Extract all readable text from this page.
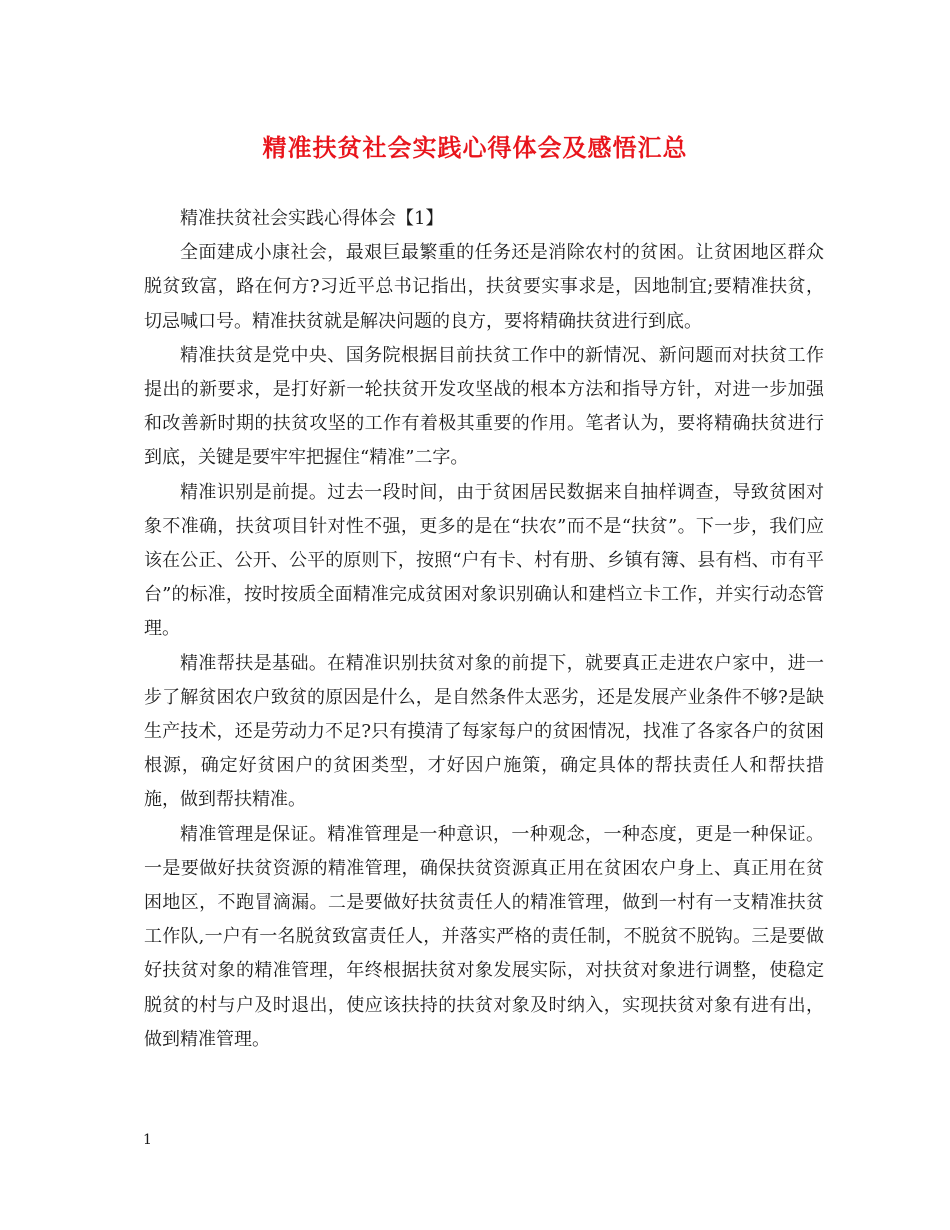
精准扶贫社会实践心得体会及感悟汇总

精准扶贫社会实践心得体会【1】

全面建成小康社会，最艰巨最繁重的任务还是消除农村的贫困。让贫困地区群众脱贫致富，路在何方?习近平总书记指出，扶贫要实事求是，因地制宜;要精准扶贫，切忌喊口号。精准扶贫就是解决问题的良方，要将精确扶贫进行到底。

精准扶贫是党中央、国务院根据目前扶贫工作中的新情况、新问题而对扶贫工作提出的新要求，是打好新一轮扶贫开发攻坚战的根本方法和指导方针，对进一步加强和改善新时期的扶贫攻坚的工作有着极其重要的作用。笔者认为，要将精确扶贫进行到底，关键是要牢牢把握住“精准”二字。

精准识别是前提。过去一段时间，由于贫困居民数据来自抽样调查，导致贫困对象不准确，扶贫项目针对性不强，更多的是在“扶农”而不是“扶贫”。下一步，我们应该在公正、公开、公平的原则下，按照“户有卡、村有册、乡镇有簿、县有档、市有平台”的标准，按时按质全面精准完成贫困对象识别确认和建档立卡工作，并实行动态管理。

精准帮扶是基础。在精准识别扶贫对象的前提下，就要真正走进农户家中，进一步了解贫困农户致贫的原因是什么，是自然条件太恶劣，还是发展产业条件不够?是缺生产技术，还是劳动力不足?只有摸清了每家每户的贫困情况，找准了各家各户的贫困根源，确定好贫困户的贫困类型，才好因户施策，确定具体的帮扶责任人和帮扶措施，做到帮扶精准。

精准管理是保证。精准管理是一种意识，一种观念，一种态度，更是一种保证。一是要做好扶贫资源的精准管理，确保扶贫资源真正用在贫困农户身上、真正用在贫困地区，不跑冒滴漏。二是要做好扶贫责任人的精准管理，做到一村有一支精准扶贫工作队,一户有一名脱贫致富责任人，并落实严格的责任制，不脱贫不脱钩。三是要做好扶贫对象的精准管理，年终根据扶贫对象发展实际，对扶贫对象进行调整，使稳定脱贫的村与户及时退出，使应该扶持的扶贫对象及时纳入，实现扶贫对象有进有出，做到精准管理。

1
